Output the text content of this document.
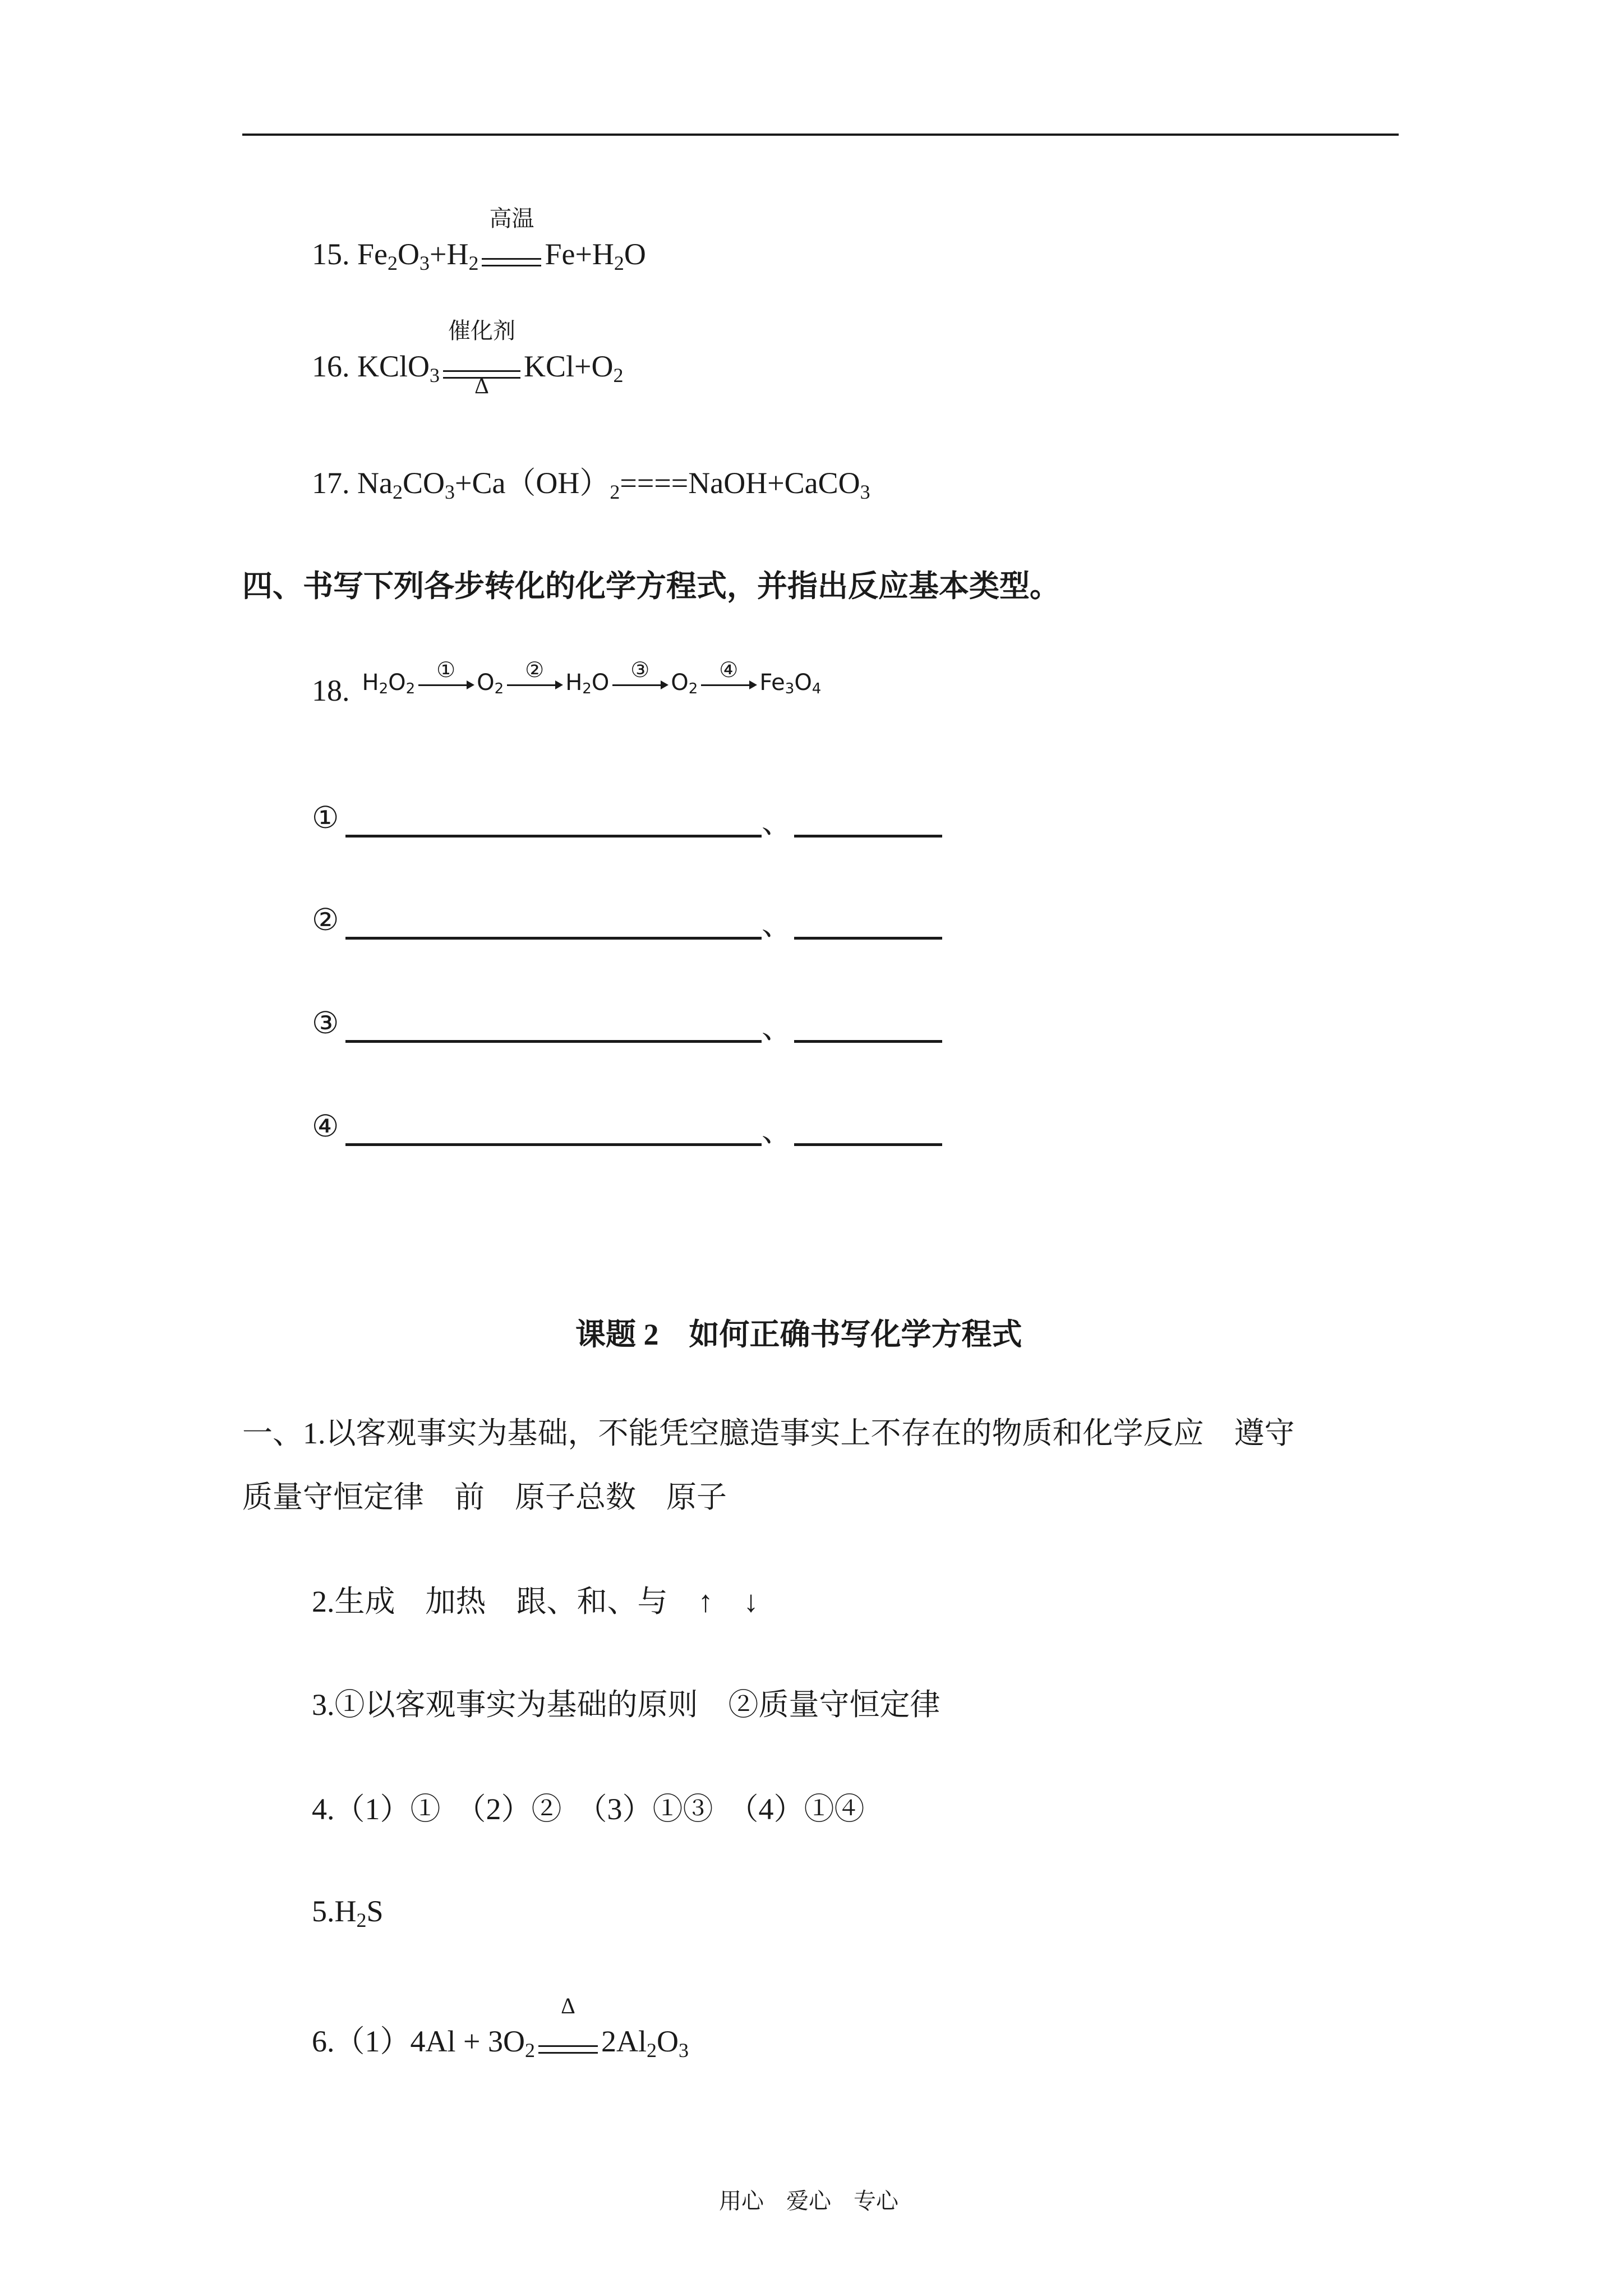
15. $Fe_2O_3+H_2$
高温
$Fe+H_2O$
16. KClO$_3$
催化剂
Δ
$KCl+O_2$
17. $Na_2CO_3+Ca(OH)_2====NaOH+CaCO_3$
四、书写下列各步转化的化学方程式，并指出反应基本类型。
18. $H_2O_2$
① $O_2$
② $H_2O$ ③ $O_2$
④ $Fe_3O_4$
①	、
②	、
③	、
④	、
课题 2　如何正确书写化学方程式
一、1.以客观事实为基础，不能凭空臆造事实上不存在的物质和化学反应　遵守
质量守恒定律　前　原子总数　原子
2.生成　加热　跟、和、与　↑　↓
3.①以客观事实为基础的原则　②质量守恒定律
4.（1）①　（2）②　（3）①③　（4）①④
$5.H_2S$
$6.(1)4Al + 3O_2$
Δ
$2Al_2O_3$
用心　爱心　专心
